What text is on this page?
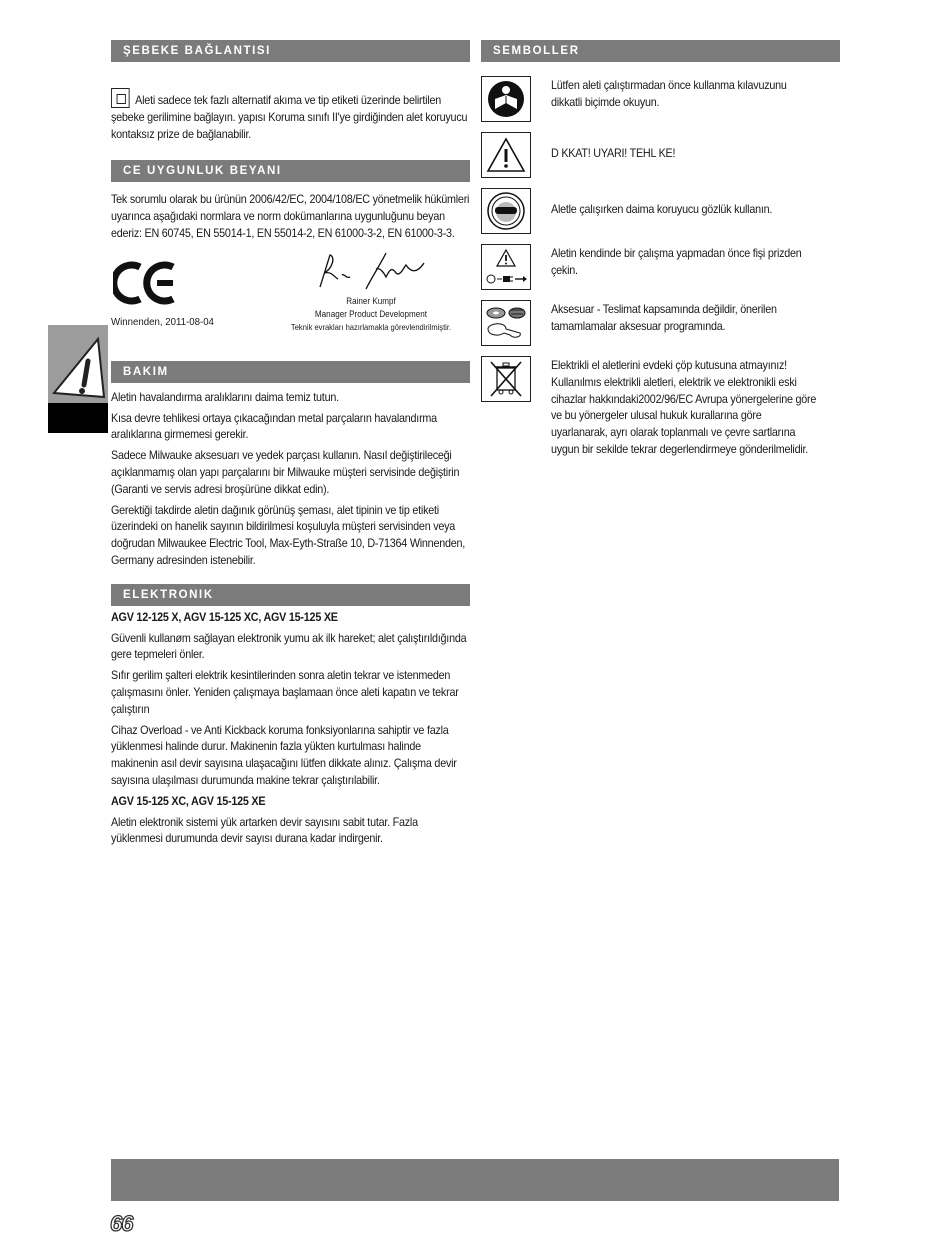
ŞEBEKE BAĞLANTISI

Aleti sadece tek fazlı alternatif akıma ve tip etiketi üzerinde belirtilen şebeke gerilimine bağlayın. yapısı Koruma sınıfı II'ye girdiğinden alet koruyucu kontaksız prize de bağlanabilir.

CE UYGUNLUK BEYANI

Tek sorumlu olarak bu ürünün 2006/42/EC, 2004/108/EC yönetmelik hükümleri uyarınca aşağıdaki normlara ve norm dokümanlarına uygunluğunu beyan ederiz: EN 60745, EN 55014-1, EN 55014-2, EN 61000-3-2, EN 61000-3-3.

Winnenden, 2011-08-04
Rainer Kumpf
Manager Product Development
Teknik evrakları hazırlamakla görevlendirilmiştir.
BAKIM

Aletin havalandırma aralıklarını daima temiz tutun.

Kısa devre tehlikesi ortaya çıkacağından metal parçaların havalandırma aralıklarına girmemesi gerekir.

Sadece Milwauke aksesuarı ve yedek parçası kullanın. Nasıl değiştirileceği açıklanmamış olan yapı parçalarını bir Milwauke müşteri servisinde değiştirin (Garanti ve servis adresi broşürüne dikkat edin).

Gerektiği takdirde aletin dağınık görünüş şeması, alet tipinin ve tip etiketi üzerindeki on hanelik sayının bildirilmesi koşuluyla müşteri servisinden veya doğrudan Milwaukee Electric Tool, Max-Eyth-Straße 10, D-71364 Winnenden, Germany adresinden istenebilir.

ELEKTRONIK

AGV 12-125 X, AGV 15-125 XC, AGV 15-125 XE

Güvenli kullanøm sağlayan elektronik yumu ak ilk hareket; alet çalıştırıldığında gere tepmeleri önler.

Sıfır gerilim şalteri elektrik kesintilerinden sonra aletin tekrar ve istenmeden çalışmasını önler. Yeniden çalışmaya başlamaan önce aleti kapatın ve tekrar çalıştırın

Cihaz Overload - ve Anti Kickback koruma fonksiyonlarına sahiptir ve fazla yüklenmesi halinde durur. Makinenin fazla yükten kurtulması halinde makinenin asıl devir sayısına ulaşacağını lütfen dikkate alınız. Çalışma devir sayısına ulaşılması durumunda makine tekrar çalıştırılabilir.

AGV 15-125 XC, AGV 15-125 XE

Aletin elektronik sistemi yük artarken devir sayısını sabit tutar. Fazla yüklenmesi durumunda devir sayısı durana kadar indirgenir.

SEMBOLLER

Lütfen aleti çalıştırmadan önce kullanma kılavuzunu dikkatli biçimde okuyun.

D KKAT! UYARI! TEHL KE!

Aletle çalışırken daima koruyucu gözlük kullanın.

Aletin kendinde bir çalışma yapmadan önce fişi prizden çekin.

Aksesuar - Teslimat kapsamında değildir, önerilen tamamlamalar aksesuar programında.

Elektrikli el aletlerini evdeki çöp kutusuna atmayınız! Kullanılmıs elektrikli aletleri, elektrik ve elektronikli eski cihazlar hakkındaki2002/96/EC Avrupa yönergelerine göre ve bu yönergeler ulusal hukuk kurallarına göre uyarlanarak, ayrı olarak toplanmalı ve çevre sartlarına uygun bir sekilde tekrar degerlendirmeye gönderilmelidir.

66
